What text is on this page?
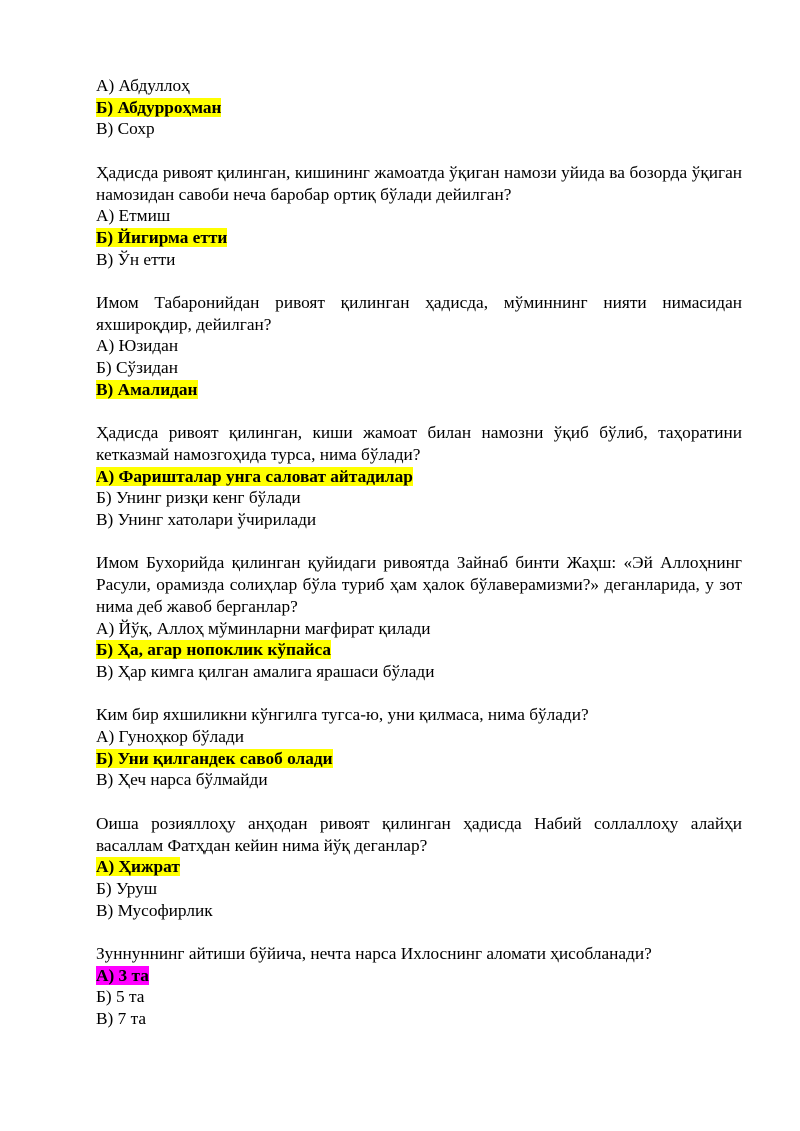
А) Абдуллоҳ
Б) Абдурроҳман
В) Сохр

Ҳадисда ривоят қилинган, кишининг жамоатда ўқиган намози уйида ва бозорда ўқиган намозидан савоби неча баробар ортиқ бўлади дейилган?

А) Етмиш
Б) Йигирма етти
В) Ўн етти

Имом Табаронийдан ривоят қилинган ҳадисда, мўминнинг нияти нимасидан яхшироқдир, дейилган?

А) Юзидан
Б) Сўзидан
В) Амалидан

Ҳадисда ривоят қилинган, киши жамоат билан намозни ўқиб бўлиб, таҳоратини кетказмай намозгоҳида турса, нима бўлади?

А) Фаришталар унга саловат айтадилар
Б) Унинг ризқи кенг бўлади
В) Унинг хатолари ўчирилади

Имом Бухорийда қилинган қуйидаги ривоятда Зайнаб бинти Жаҳш: «Эй Аллоҳнинг Расули, орамизда солиҳлар бўла туриб ҳам ҳалок бўлаверамизми?» деганларида, у зот нима деб жавоб берганлар?

А) Йўқ, Аллоҳ мўминларни мағфират қилади
Б) Ҳа, агар нопоклик кўпайса
В) Ҳар кимга қилган амалига ярашаси бўлади

Ким бир яхшиликни кўнгилга тугса-ю, уни қилмаса, нима бўлади?

А) Гуноҳкор бўлади
Б) Уни қилгандек савоб олади
В) Ҳеч нарса бўлмайди

Оиша розияллоҳу анҳодан ривоят қилинган ҳадисда Набий соллаллоҳу алайҳи васаллам Фатҳдан кейин нима йўқ деганлар?

А) Ҳижрат
Б) Уруш
В) Мусофирлик

Зуннуннинг айтиши бўйича, нечта нарса Ихлоснинг аломати ҳисобланади?

А) 3 та
Б) 5 та
В) 7 та
